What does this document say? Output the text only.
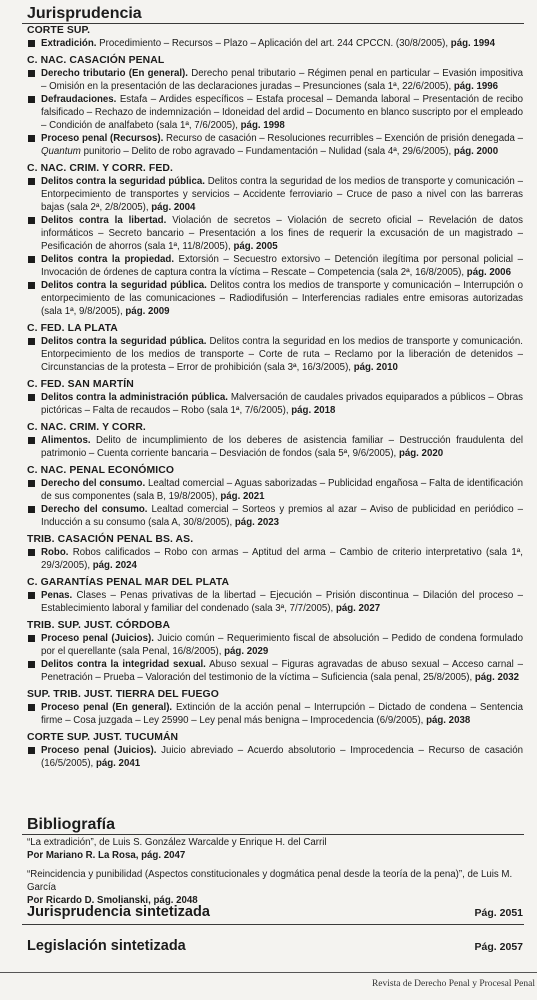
Jurisprudencia

CORTE SUP.

Extradición. Procedimiento – Recursos – Plazo – Aplicación del art. 244 CPCCN. (30/8/2005), pág. 1994

C. NAC. CASACIÓN PENAL

Derecho tributario (En general). Derecho penal tributario – Régimen penal en particular – Evasión impositiva – Omisión en la presentación de las declaraciones juradas – Presunciones (sala 1ª, 22/6/2005), pág. 1996

Defraudaciones. Estafa – Ardides específicos – Estafa procesal – Demanda laboral – Presentación de recibo falsificado – Rechazo de indemnización – Idoneidad del ardid – Documento en blanco suscripto por el empleado – Condición de analfabeto (sala 1ª, 7/6/2005), pág. 1998

Proceso penal (Recursos). Recurso de casación – Resoluciones recurribles – Exención de prisión denegada – Quantum punitorio – Delito de robo agravado – Fundamentación – Nulidad (sala 4ª, 29/6/2005), pág. 2000

C. NAC. CRIM. Y CORR. FED.

Delitos contra la seguridad pública. Delitos contra la seguridad de los medios de transporte y comunicación – Entorpecimiento de transportes y servicios – Accidente ferroviario – Cruce de paso a nivel con las barreras bajas (sala 2ª, 2/8/2005), pág. 2004

Delitos contra la libertad. Violación de secretos – Violación de secreto oficial – Revelación de datos informáticos – Secreto bancario – Presentación a los fines de requerir la excusación de un magistrado – Pesificación de ahorros (sala 1ª, 11/8/2005), pág. 2005

Delitos contra la propiedad. Extorsión – Secuestro extorsivo – Detención ilegítima por personal policial – Invocación de órdenes de captura contra la víctima – Rescate – Competencia (sala 2ª, 16/8/2005), pág. 2006

Delitos contra la seguridad pública. Delitos contra los medios de transporte y comunicación – Interrupción o entorpecimiento de las comunicaciones – Radiodifusión – Interferencias radiales entre emisoras autorizadas (sala 1ª, 9/8/2005), pág. 2009

C. FED. LA PLATA

Delitos contra la seguridad pública. Delitos contra la seguridad en los medios de transporte y comunicación. Entorpecimiento de los medios de transporte – Corte de ruta – Reclamo por la liberación de detenidos – Circunstancias de la protesta – Error de prohibición (sala 3ª, 16/3/2005), pág. 2010

C. FED. SAN MARTÍN

Delitos contra la administración pública. Malversación de caudales privados equiparados a públicos – Obras pictóricas – Falta de recaudos – Robo (sala 1ª, 7/6/2005), pág. 2018

C. NAC. CRIM. Y CORR.

Alimentos. Delito de incumplimiento de los deberes de asistencia familiar – Destrucción fraudulenta del patrimonio – Cuenta corriente bancaria – Desviación de fondos (sala 5ª, 9/6/2005), pág. 2020

C. NAC. PENAL ECONÓMICO

Derecho del consumo. Lealtad comercial – Aguas saborizadas – Publicidad engañosa – Falta de identificación de sus componentes (sala B, 19/8/2005), pág. 2021

Derecho del consumo. Lealtad comercial – Sorteos y premios al azar – Aviso de publicidad en periódico – Inducción a su consumo (sala A, 30/8/2005), pág. 2023

TRIB. CASACIÓN PENAL BS. AS.

Robo. Robos calificados – Robo con armas – Aptitud del arma – Cambio de criterio interpretativo (sala 1ª, 29/3/2005), pág. 2024

C. GARANTÍAS PENAL MAR DEL PLATA

Penas. Clases – Penas privativas de la libertad – Ejecución – Prisión discontinua – Dilación del proceso – Establecimiento laboral y familiar del condenado (sala 3ª, 7/7/2005), pág. 2027

TRIB. SUP. JUST. CÓRDOBA

Proceso penal (Juicios). Juicio común – Requerimiento fiscal de absolución – Pedido de condena formulado por el querellante (sala Penal, 16/8/2005), pág. 2029

Delitos contra la integridad sexual. Abuso sexual – Figuras agravadas de abuso sexual – Acceso carnal – Penetración – Prueba – Valoración del testimonio de la víctima – Suficiencia (sala penal, 25/8/2005), pág. 2032

SUP. TRIB. JUST. TIERRA DEL FUEGO

Proceso penal (En general). Extinción de la acción penal – Interrupción – Dictado de condena – Sentencia firme – Cosa juzgada – Ley 25990 – Ley penal más benigna – Improcedencia (6/9/2005), pág. 2038

CORTE SUP. JUST. TUCUMÁN

Proceso penal (Juicios). Juicio abreviado – Acuerdo absolutorio – Improcedencia – Recurso de casación (16/5/2005), pág. 2041

Bibliografía

“La extradición”, de Luis S. González Warcalde y Enrique H. del Carril

Por Mariano R. La Rosa, pág. 2047

“Reincidencia y punibilidad (Aspectos constitucionales y dogmática penal desde la teoría de la pena)”, de Luis M. García

Por Ricardo D. Smolianski, pág. 2048

Jurisprudencia sintetizada	Pág. 2051
Legislación sintetizada	Pág. 2057
Revista de Derecho Penal y Procesal Penal
